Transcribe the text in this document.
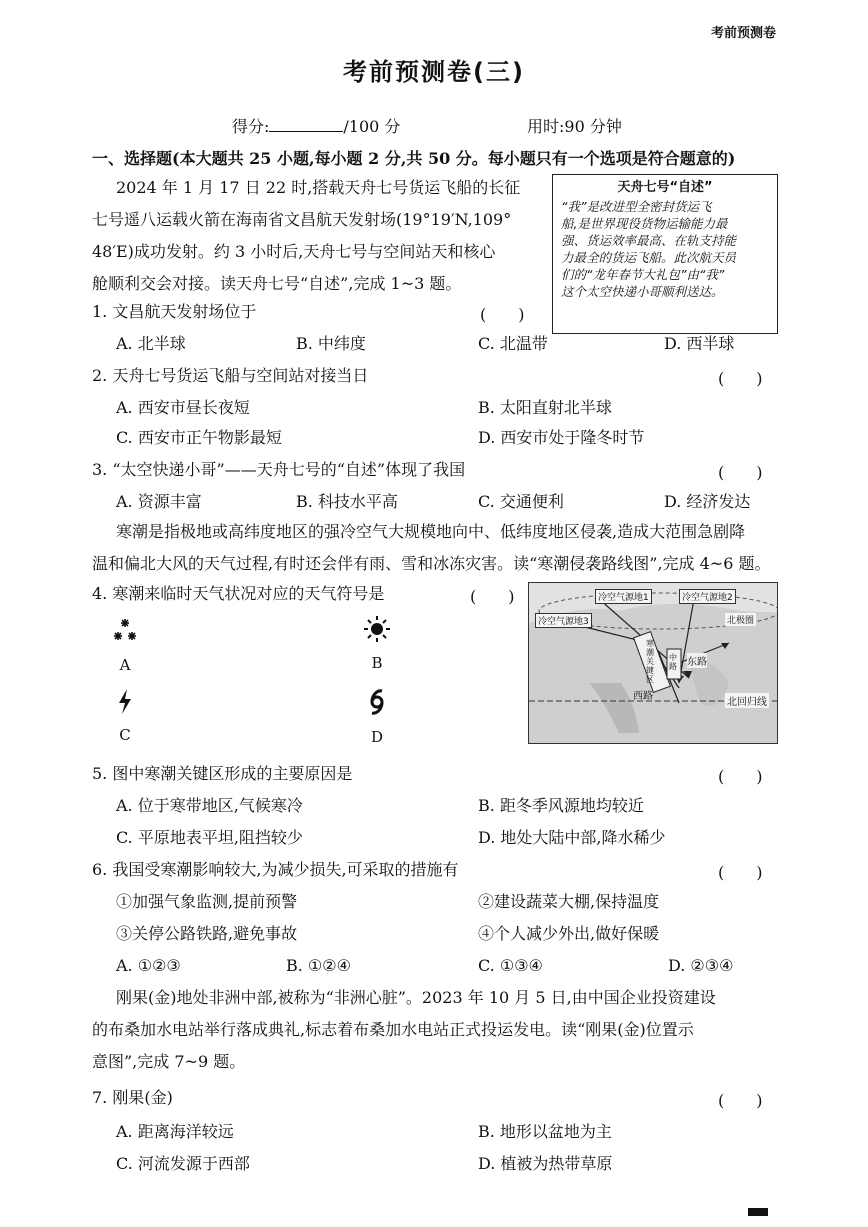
考前预测卷
考前预测卷(三)
得分:	/100 分	用时:90 分钟
一、选择题(本大题共 25 小题,每小题 2 分,共 50 分。每小题只有一个选项是符合题意的)
2024 年 1 月 17 日 22 时,搭载天舟七号货运飞船的长征
七号遥八运载火箭在海南省文昌航天发射场(19°19′N,109°
48′E)成功发射。约 3 小时后,天舟七号与空间站天和核心
舱顺利交会对接。读天舟七号“自述”,完成 1~3 题。
天舟七号“自述”
“我”是改进型全密封货运飞
船,是世界现役货物运输能力最
强、货运效率最高、在轨支持能
力最全的货运飞船。此次航天员
们的“龙年春节大礼包”由“我”
这个太空快递小哥顺利送达。
1. 文昌航天发射场位于	(　　)
A. 北半球	B. 中纬度	C. 北温带	D. 西半球
2. 天舟七号货运飞船与空间站对接当日	(　　)
A. 西安市昼长夜短	B. 太阳直射北半球
C. 西安市正午物影最短	D. 西安市处于隆冬时节
3. “太空快递小哥”——天舟七号的“自述”体现了我国	(　　)
A. 资源丰富	B. 科技水平高	C. 交通便利	D. 经济发达
寒潮是指极地或高纬度地区的强冷空气大规模地向中、低纬度地区侵袭,造成大范围急剧降
温和偏北大风的天气过程,有时还会伴有雨、雪和冰冻灾害。读“寒潮侵袭路线图”,完成 4~6 题。
4. 寒潮来临时天气状况对应的天气符号是	(　　)
A	B
C	D
冷空气源地1	冷空气源地2
冷空气源地3	北极圈
寒潮关键区
中路 东路
西路
北回归线
5. 图中寒潮关键区形成的主要原因是	(　　)
A. 位于寒带地区,气候寒冷	B. 距冬季风源地均较近
C. 平原地表平坦,阻挡较少	D. 地处大陆中部,降水稀少
6. 我国受寒潮影响较大,为减少损失,可采取的措施有	(　　)
①加强气象监测,提前预警	②建设蔬菜大棚,保持温度
③关停公路铁路,避免事故	④个人减少外出,做好保暖
A. ①②③	B. ①②④	C. ①③④	D. ②③④
刚果(金)地处非洲中部,被称为“非洲心脏”。2023 年 10 月 5 日,由中国企业投资建设
的布桑加水电站举行落成典礼,标志着布桑加水电站正式投运发电。读“刚果(金)位置示
意图”,完成 7~9 题。
7. 刚果(金)	(　　)
A. 距离海洋较远	B. 地形以盆地为主
C. 河流发源于西部	D. 植被为热带草原
